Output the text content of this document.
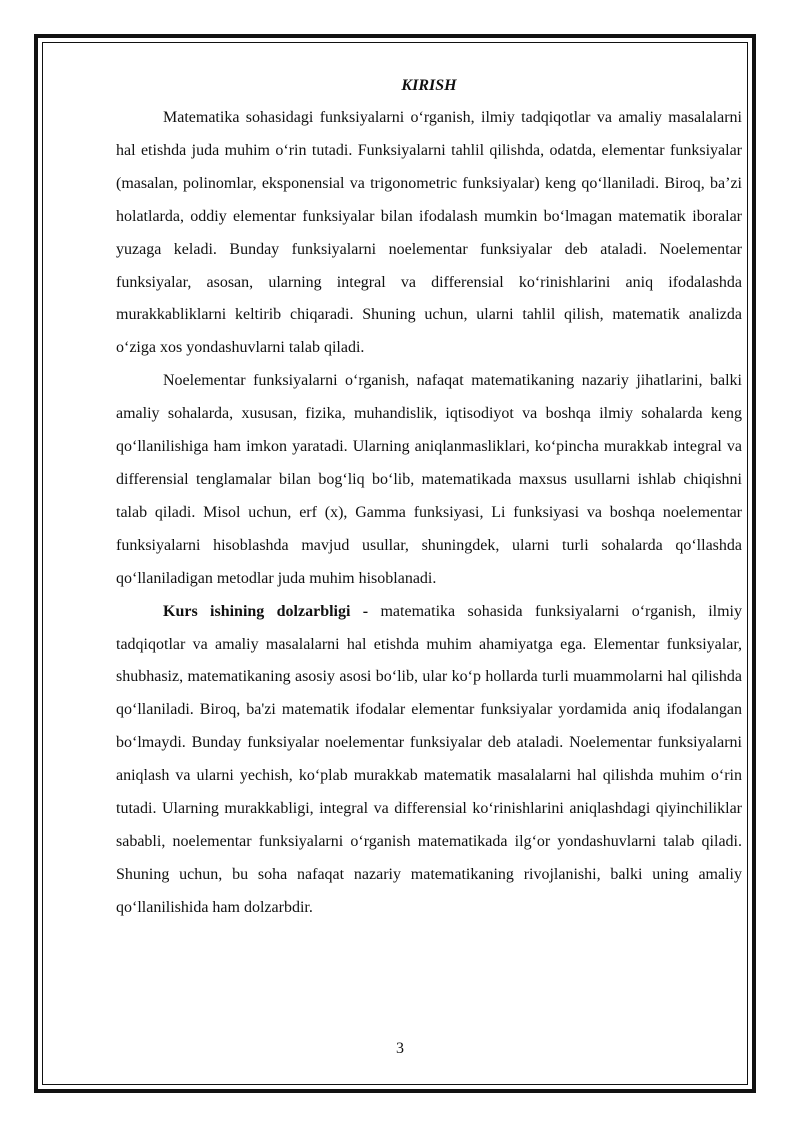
KIRISH

Matematika sohasidagi funksiyalarni o‘rganish, ilmiy tadqiqotlar va amaliy masalalarni hal etishda juda muhim o‘rin tutadi. Funksiyalarni tahlil qilishda, odatda, elementar funksiyalar (masalan, polinomlar, eksponensial va trigonometric funksiyalar) keng qo‘llaniladi. Biroq, ba’zi holatlarda, oddiy elementar funksiyalar bilan ifodalash mumkin bo‘lmagan matematik iboralar yuzaga keladi. Bunday funksiyalarni noelementar funksiyalar deb ataladi. Noelementar funksiyalar, asosan, ularning integral va differensial ko‘rinishlarini aniq ifodalashda murakkabliklarni keltirib chiqaradi. Shuning uchun, ularni tahlil qilish, matematik analizda o‘ziga xos yondashuvlarni talab qiladi.

Noelementar funksiyalarni o‘rganish, nafaqat matematikaning nazariy jihatlarini, balki amaliy sohalarda, xususan, fizika, muhandislik, iqtisodiyot va boshqa ilmiy sohalarda keng qo‘llanilishiga ham imkon yaratadi. Ularning aniqlanmasliklari, ko‘pincha murakkab integral va differensial tenglamalar bilan bog‘liq bo‘lib, matematikada maxsus usullarni ishlab chiqishni talab qiladi. Misol uchun, erf (x), Gamma funksiyasi, Li funksiyasi va boshqa noelementar funksiyalarni hisoblashda mavjud usullar, shuningdek, ularni turli sohalarda qo‘llashda qo‘llaniladigan metodlar juda muhim hisoblanadi.

Kurs ishining dolzarbligi - matematika sohasida funksiyalarni o‘rganish, ilmiy tadqiqotlar va amaliy masalalarni hal etishda muhim ahamiyatga ega. Elementar funksiyalar, shubhasiz, matematikaning asosiy asosi bo‘lib, ular ko‘p hollarda turli muammolarni hal qilishda qo‘llaniladi. Biroq, ba'zi matematik ifodalar elementar funksiyalar yordamida aniq ifodalangan bo‘lmaydi. Bunday funksiyalar noelementar funksiyalar deb ataladi. Noelementar funksiyalarni aniqlash va ularni yechish, ko‘plab murakkab matematik masalalarni hal qilishda muhim o‘rin tutadi. Ularning murakkabligi, integral va differensial ko‘rinishlarini aniqlashdagi qiyinchiliklar sababli, noelementar funksiyalarni o‘rganish matematikada ilg‘or yondashuvlarni talab qiladi. Shuning uchun, bu soha nafaqat nazariy matematikaning rivojlanishi, balki uning amaliy qo‘llanilishida ham dolzarbdir.

3
